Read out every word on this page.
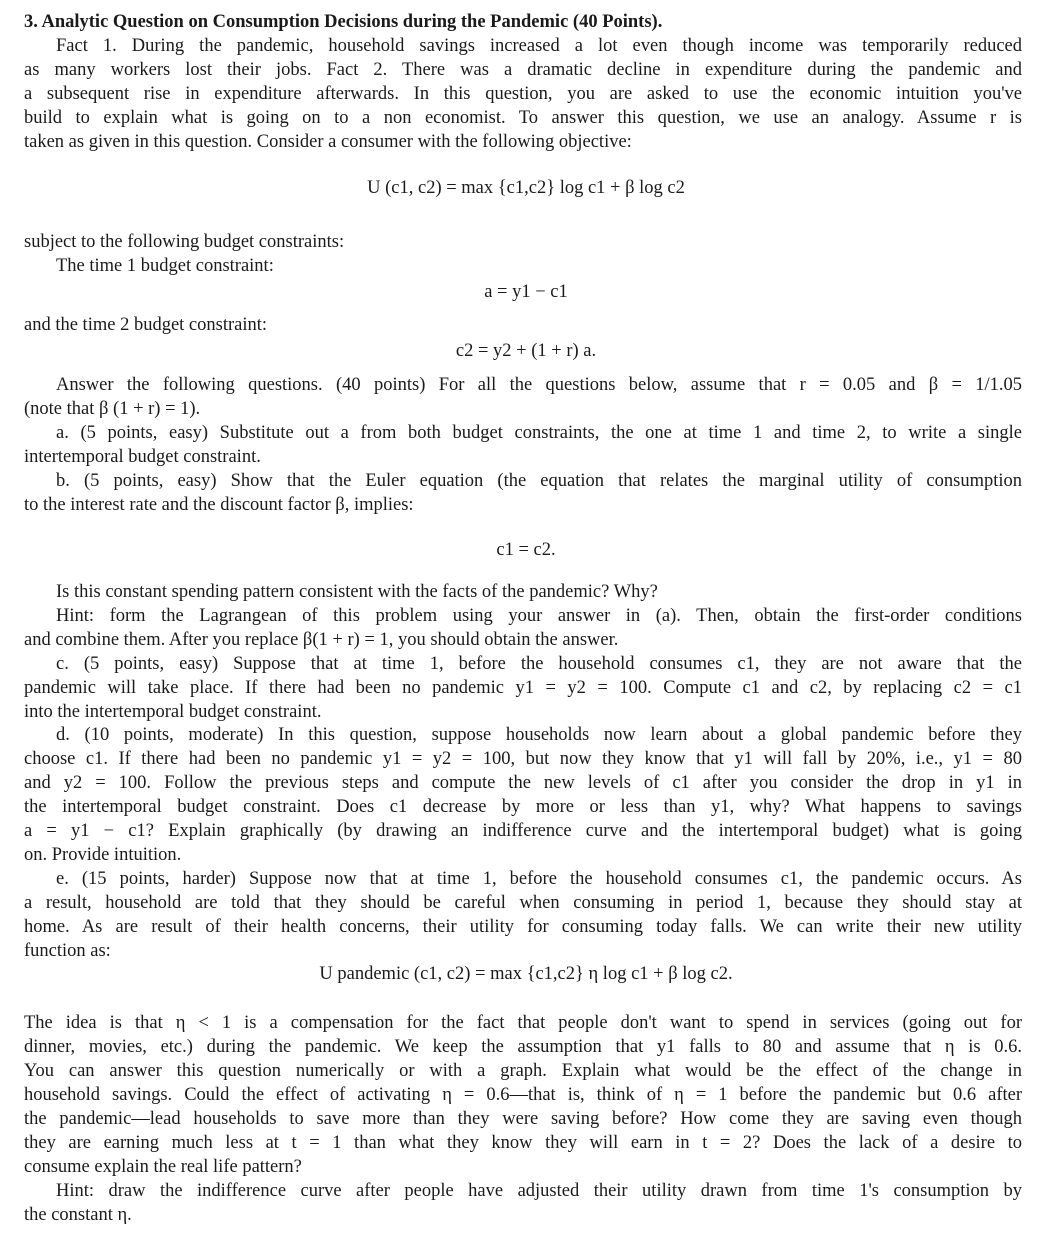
3. Analytic Question on Consumption Decisions during the Pandemic (40 Points).
Fact 1. During the pandemic, household savings increased a lot even though income was temporarily reduced
as many workers lost their jobs. Fact 2. There was a dramatic decline in expenditure during the pandemic and
a subsequent rise in expenditure afterwards. In this question, you are asked to use the economic intuition you've
build to explain what is going on to a non economist. To answer this question, we use an analogy. Assume r is
taken as given in this question. Consider a consumer with the following objective:
U (c1, c2) = max {c1,c2} log c1 + β log c2
subject to the following budget constraints:
The time 1 budget constraint:
a = y1 − c1
and the time 2 budget constraint:
c2 = y2 + (1 + r) a.
Answer the following questions. (40 points) For all the questions below, assume that r = 0.05 and β = 1/1.05
(note that β (1 + r) = 1).
a. (5 points, easy) Substitute out a from both budget constraints, the one at time 1 and time 2, to write a single
intertemporal budget constraint.
b. (5 points, easy) Show that the Euler equation (the equation that relates the marginal utility of consumption
to the interest rate and the discount factor β, implies:
c1 = c2.
Is this constant spending pattern consistent with the facts of the pandemic? Why?
Hint: form the Lagrangean of this problem using your answer in (a). Then, obtain the first-order conditions
and combine them. After you replace β(1 + r) = 1, you should obtain the answer.
c. (5 points, easy) Suppose that at time 1, before the household consumes c1, they are not aware that the
pandemic will take place. If there had been no pandemic y1 = y2 = 100. Compute c1 and c2, by replacing c2 = c1
into the intertemporal budget constraint.
d. (10 points, moderate) In this question, suppose households now learn about a global pandemic before they
choose c1. If there had been no pandemic y1 = y2 = 100, but now they know that y1 will fall by 20%, i.e., y1 = 80
and y2 = 100. Follow the previous steps and compute the new levels of c1 after you consider the drop in y1 in
the intertemporal budget constraint. Does c1 decrease by more or less than y1, why? What happens to savings
a = y1 − c1? Explain graphically (by drawing an indifference curve and the intertemporal budget) what is going
on. Provide intuition.
e. (15 points, harder) Suppose now that at time 1, before the household consumes c1, the pandemic occurs. As
a result, household are told that they should be careful when consuming in period 1, because they should stay at
home. As are result of their health concerns, their utility for consuming today falls. We can write their new utility
function as:
U pandemic (c1, c2) = max {c1,c2} η log c1 + β log c2.
The idea is that η < 1 is a compensation for the fact that people don't want to spend in services (going out for
dinner, movies, etc.) during the pandemic. We keep the assumption that y1 falls to 80 and assume that η is 0.6.
You can answer this question numerically or with a graph. Explain what would be the effect of the change in
household savings. Could the effect of activating η = 0.6—that is, think of η = 1 before the pandemic but 0.6 after
the pandemic—lead households to save more than they were saving before? How come they are saving even though
they are earning much less at t = 1 than what they know they will earn in t = 2? Does the lack of a desire to
consume explain the real life pattern?
Hint: draw the indifference curve after people have adjusted their utility drawn from time 1's consumption by
the constant η.
